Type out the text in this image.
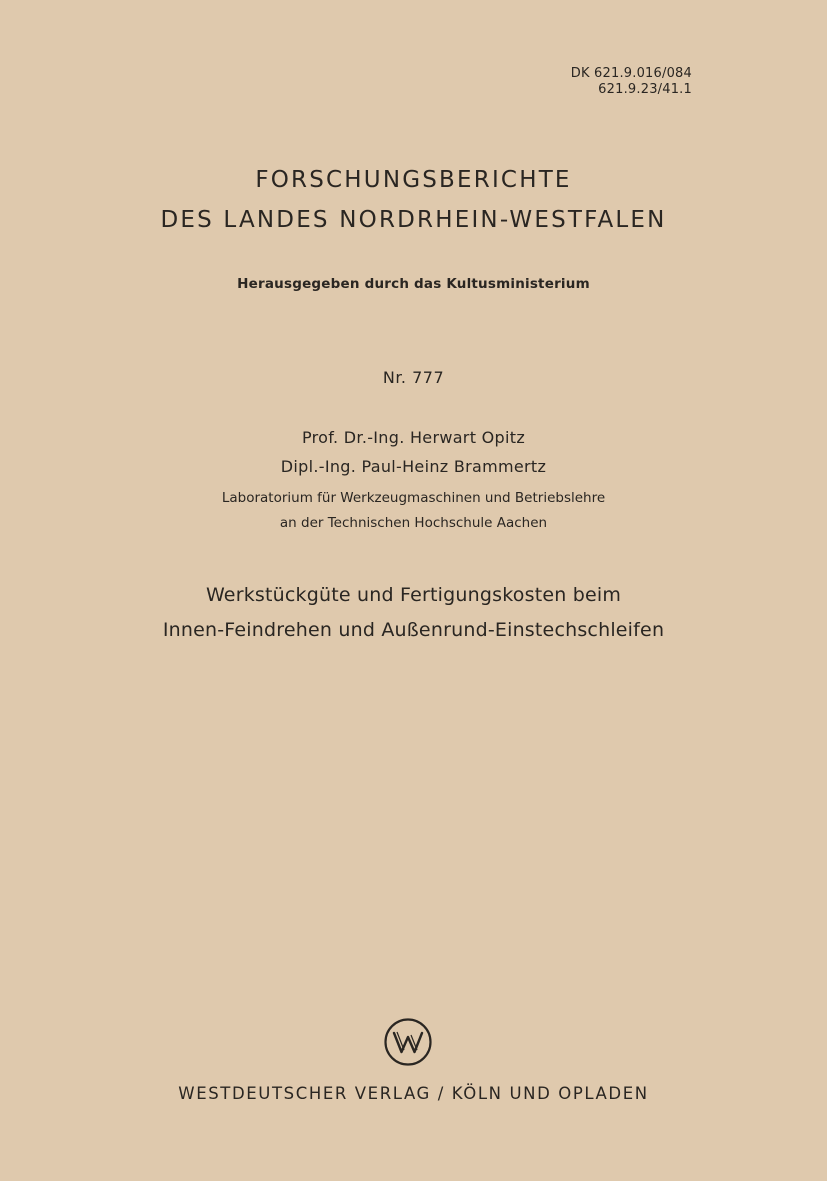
DK 621.9.016/084
621.9.23/41.1
FORSCHUNGSBERICHTE
DES LANDES NORDRHEIN-WESTFALEN
Herausgegeben durch das Kultusministerium
Nr. 777
Prof. Dr.-Ing. Herwart Opitz
Dipl.-Ing. Paul-Heinz Brammertz
Laboratorium für Werkzeugmaschinen und Betriebslehre
an der Technischen Hochschule Aachen
Werkstückgüte und Fertigungskosten beim
Innen-Feindrehen und Außenrund-Einstechschleifen
WESTDEUTSCHER VERLAG / KÖLN UND OPLADEN
